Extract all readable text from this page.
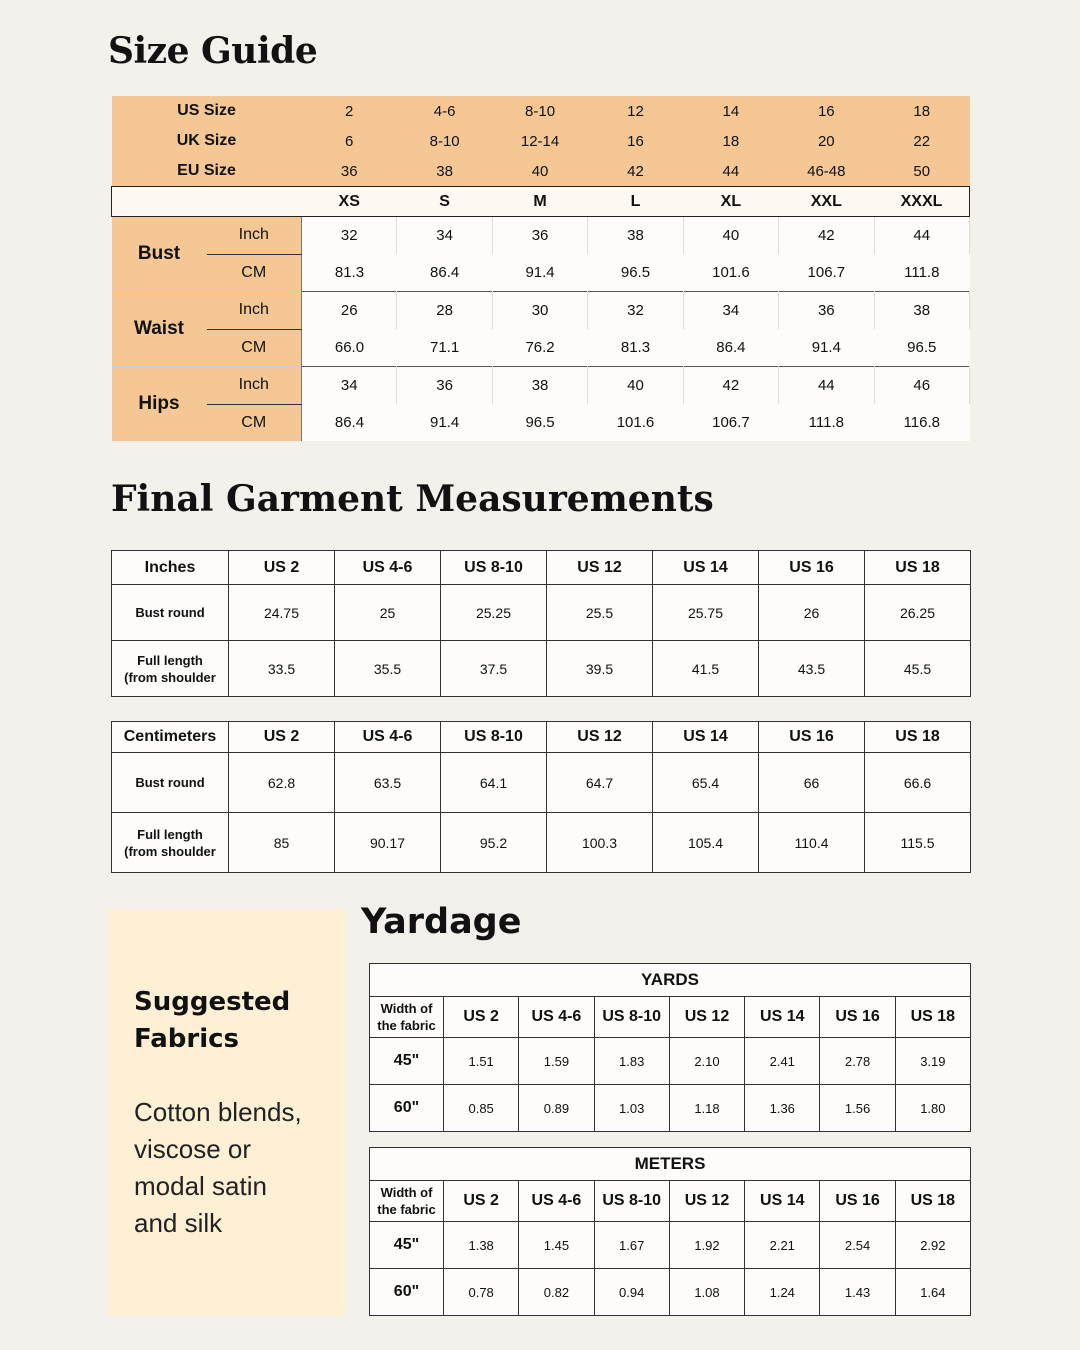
Size Guide
US Size		2	4-6	8-10	12	14	16	18
UK Size		6	8-10	12-14	16	18	20	22
EU Size		36	38	40	42	44	46-48	50
		XS	S	M	L	XL	XXL	XXXL
Bust	Inch	32	34	36	38	40	42	44
	CM	81.3	86.4	91.4	96.5	101.6	106.7	111.8
Waist	Inch	26	28	30	32	34	36	38
	CM	66.0	71.1	76.2	81.3	86.4	91.4	96.5
Hips	Inch	34	36	38	40	42	44	46
	CM	86.4	91.4	96.5	101.6	106.7	111.8	116.8
Final Garment Measurements
Inches	US 2	US 4-6	US 8-10	US 12	US 14	US 16	US 18
Bust round	24.75	25	25.25	25.5	25.75	26	26.25
Full length (from shoulder	33.5	35.5	37.5	39.5	41.5	43.5	45.5
Centimeters	US 2	US 4-6	US 8-10	US 12	US 14	US 16	US 18
Bust round	62.8	63.5	64.1	64.7	65.4	66	66.6
Full length (from shoulder	85	90.17	95.2	100.3	105.4	110.4	115.5
Suggested
Fabrics
Cotton blends,
viscose or
modal satin
and silk
Yardage
YARDS							
Width of the fabric	US 2	US 4-6	US 8-10	US 12	US 14	US 16	US 18
45"	1.51	1.59	1.83	2.10	2.41	2.78	3.19
60"	0.85	0.89	1.03	1.18	1.36	1.56	1.80
METERS							
Width of the fabric	US 2	US 4-6	US 8-10	US 12	US 14	US 16	US 18
45"	1.38	1.45	1.67	1.92	2.21	2.54	2.92
60"	0.78	0.82	0.94	1.08	1.24	1.43	1.64
